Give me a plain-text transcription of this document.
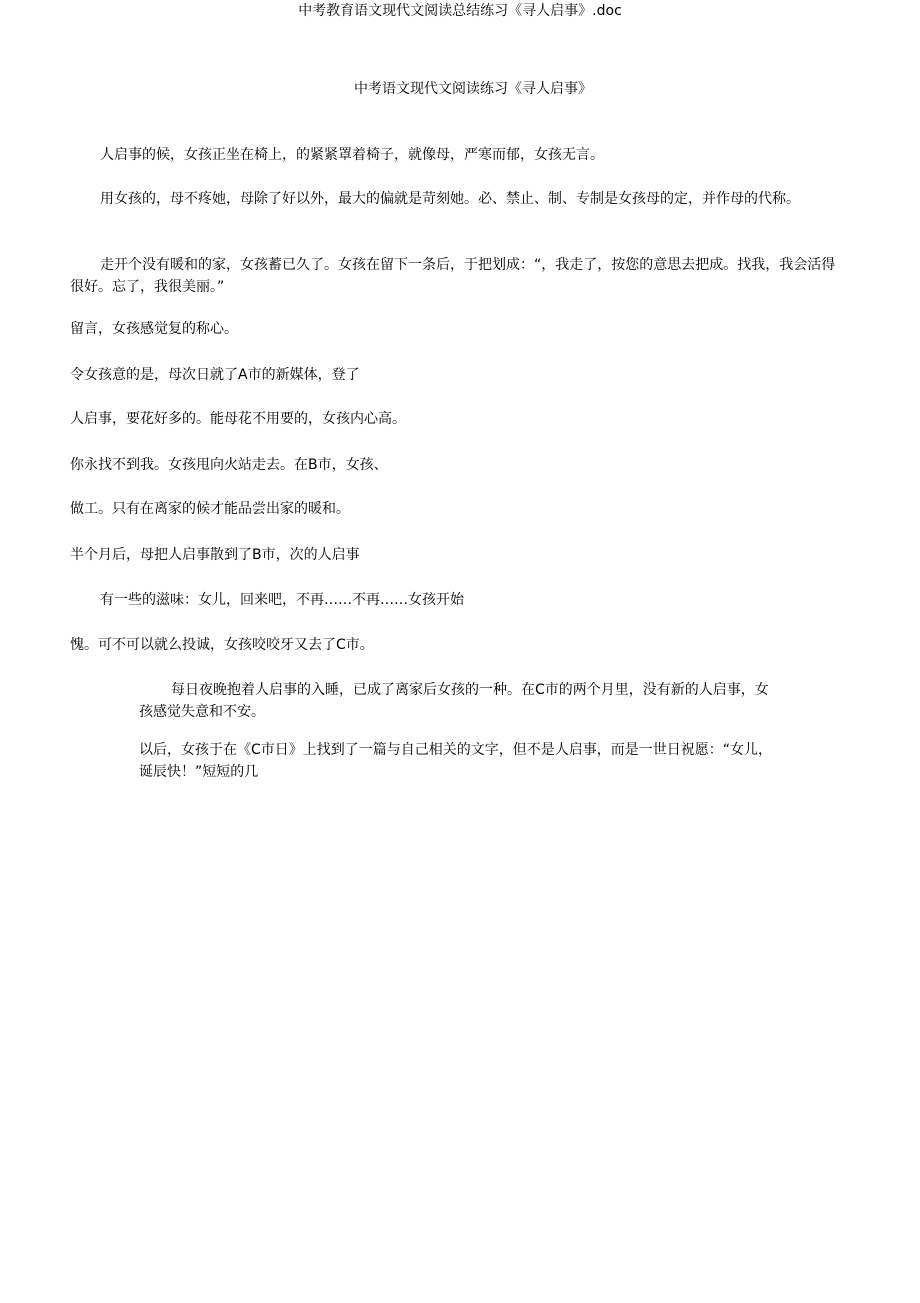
中考教育语文现代文阅读总结练习《寻人启事》.doc
中考语文现代文阅读练习《寻人启事》

人启事的候，女孩正坐在椅上，的紧紧罩着椅子，就像母，严寒而郁，女孩无言。

用女孩的，母不疼她，母除了好以外，最大的偏就是苛刻她。必、禁止、制、专制是女孩母的定，并作母的代称。

走开个没有暖和的家，女孩蓄已久了。女孩在留下一条后，于把划成：“，我走了，按您的意思去把成。找我，我会活得很好。忘了，我很美丽。”

留言，女孩感觉复的称心。

令女孩意的是，母次日就了A市的新媒体，登了

人启事，要花好多的。能母花不用要的，女孩内心高。

你永找不到我。女孩甩向火站走去。在B市，女孩、

做工。只有在离家的候才能品尝出家的暖和。

半个月后，母把人启事散到了B市，次的人启事

有一些的滋味：女儿，回来吧，不再……不再……女孩开始

愧。可不可以就么投诚，女孩咬咬牙又去了C市。

每日夜晚抱着人启事的入睡，已成了离家后女孩的一种。在C市的两个月里，没有新的人启事，女孩感觉失意和不安。

以后，女孩于在《C市日》上找到了一篇与自己相关的文字，但不是人启事，而是一世日祝愿：“女儿，诞辰快！”短短的几
